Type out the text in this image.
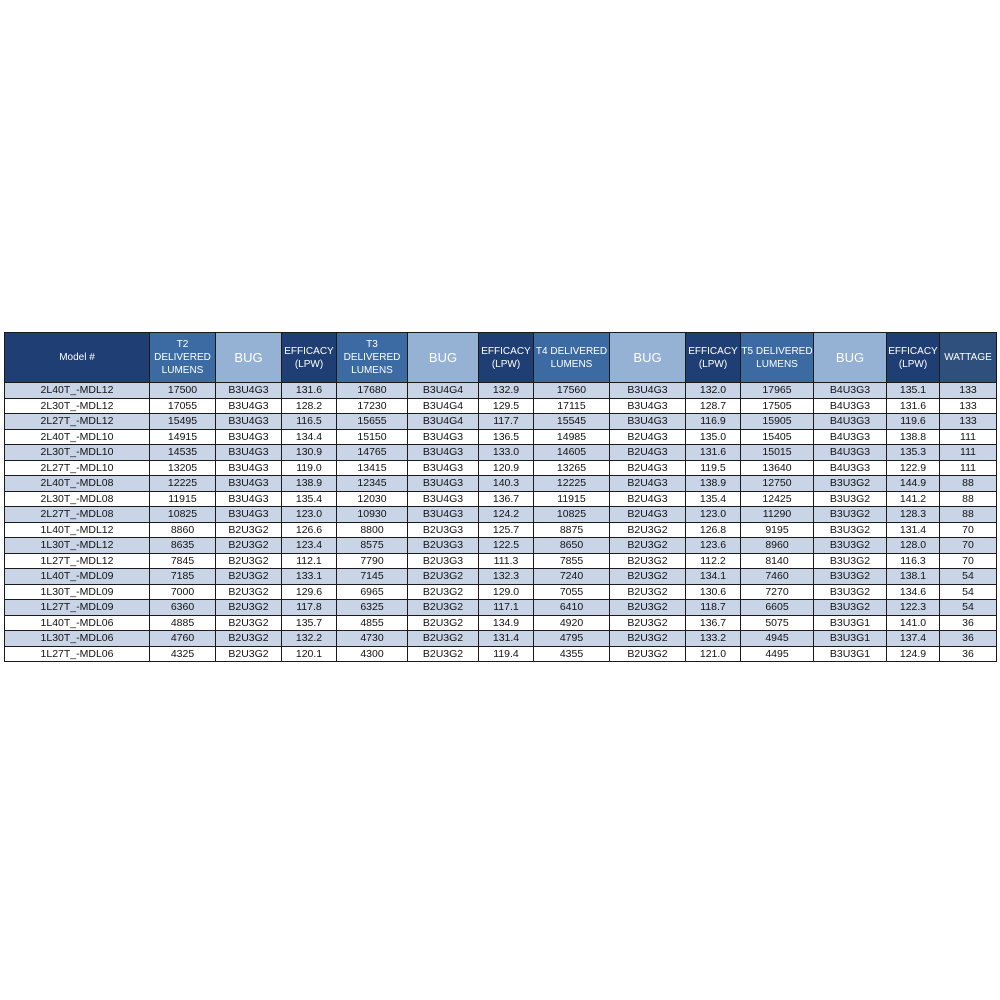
Model #	T2 DELIVERED LUMENS	BUG	EFFICACY (LPW)	T3 DELIVERED LUMENS	BUG	EFFICACY (LPW)	T4 DELIVERED LUMENS	BUG	EFFICACY (LPW)	T5 DELIVERED LUMENS	BUG	EFFICACY (LPW)	WATTAGE
2L40T_-MDL12	17500	B3U4G3	131.6	17680	B3U4G4	132.9	17560	B3U4G3	132.0	17965	B4U3G3	135.1	133
2L30T_-MDL12	17055	B3U4G3	128.2	17230	B3U4G4	129.5	17115	B3U4G3	128.7	17505	B4U3G3	131.6	133
2L27T_-MDL12	15495	B3U4G3	116.5	15655	B3U4G4	117.7	15545	B3U4G3	116.9	15905	B4U3G3	119.6	133
2L40T_-MDL10	14915	B3U4G3	134.4	15150	B3U4G3	136.5	14985	B2U4G3	135.0	15405	B4U3G3	138.8	111
2L30T_-MDL10	14535	B3U4G3	130.9	14765	B3U4G3	133.0	14605	B2U4G3	131.6	15015	B4U3G3	135.3	111
2L27T_-MDL10	13205	B3U4G3	119.0	13415	B3U4G3	120.9	13265	B2U4G3	119.5	13640	B4U3G3	122.9	111
2L40T_-MDL08	12225	B3U4G3	138.9	12345	B3U4G3	140.3	12225	B2U4G3	138.9	12750	B3U3G2	144.9	88
2L30T_-MDL08	11915	B3U4G3	135.4	12030	B3U4G3	136.7	11915	B2U4G3	135.4	12425	B3U3G2	141.2	88
2L27T_-MDL08	10825	B3U4G3	123.0	10930	B3U4G3	124.2	10825	B2U4G3	123.0	11290	B3U3G2	128.3	88
1L40T_-MDL12	8860	B2U3G2	126.6	8800	B2U3G3	125.7	8875	B2U3G2	126.8	9195	B3U3G2	131.4	70
1L30T_-MDL12	8635	B2U3G2	123.4	8575	B2U3G3	122.5	8650	B2U3G2	123.6	8960	B3U3G2	128.0	70
1L27T_-MDL12	7845	B2U3G2	112.1	7790	B2U3G3	111.3	7855	B2U3G2	112.2	8140	B3U3G2	116.3	70
1L40T_-MDL09	7185	B2U3G2	133.1	7145	B2U3G2	132.3	7240	B2U3G2	134.1	7460	B3U3G2	138.1	54
1L30T_-MDL09	7000	B2U3G2	129.6	6965	B2U3G2	129.0	7055	B2U3G2	130.6	7270	B3U3G2	134.6	54
1L27T_-MDL09	6360	B2U3G2	117.8	6325	B2U3G2	117.1	6410	B2U3G2	118.7	6605	B3U3G2	122.3	54
1L40T_-MDL06	4885	B2U3G2	135.7	4855	B2U3G2	134.9	4920	B2U3G2	136.7	5075	B3U3G1	141.0	36
1L30T_-MDL06	4760	B2U3G2	132.2	4730	B2U3G2	131.4	4795	B2U3G2	133.2	4945	B3U3G1	137.4	36
1L27T_-MDL06	4325	B2U3G2	120.1	4300	B2U3G2	119.4	4355	B2U3G2	121.0	4495	B3U3G1	124.9	36
